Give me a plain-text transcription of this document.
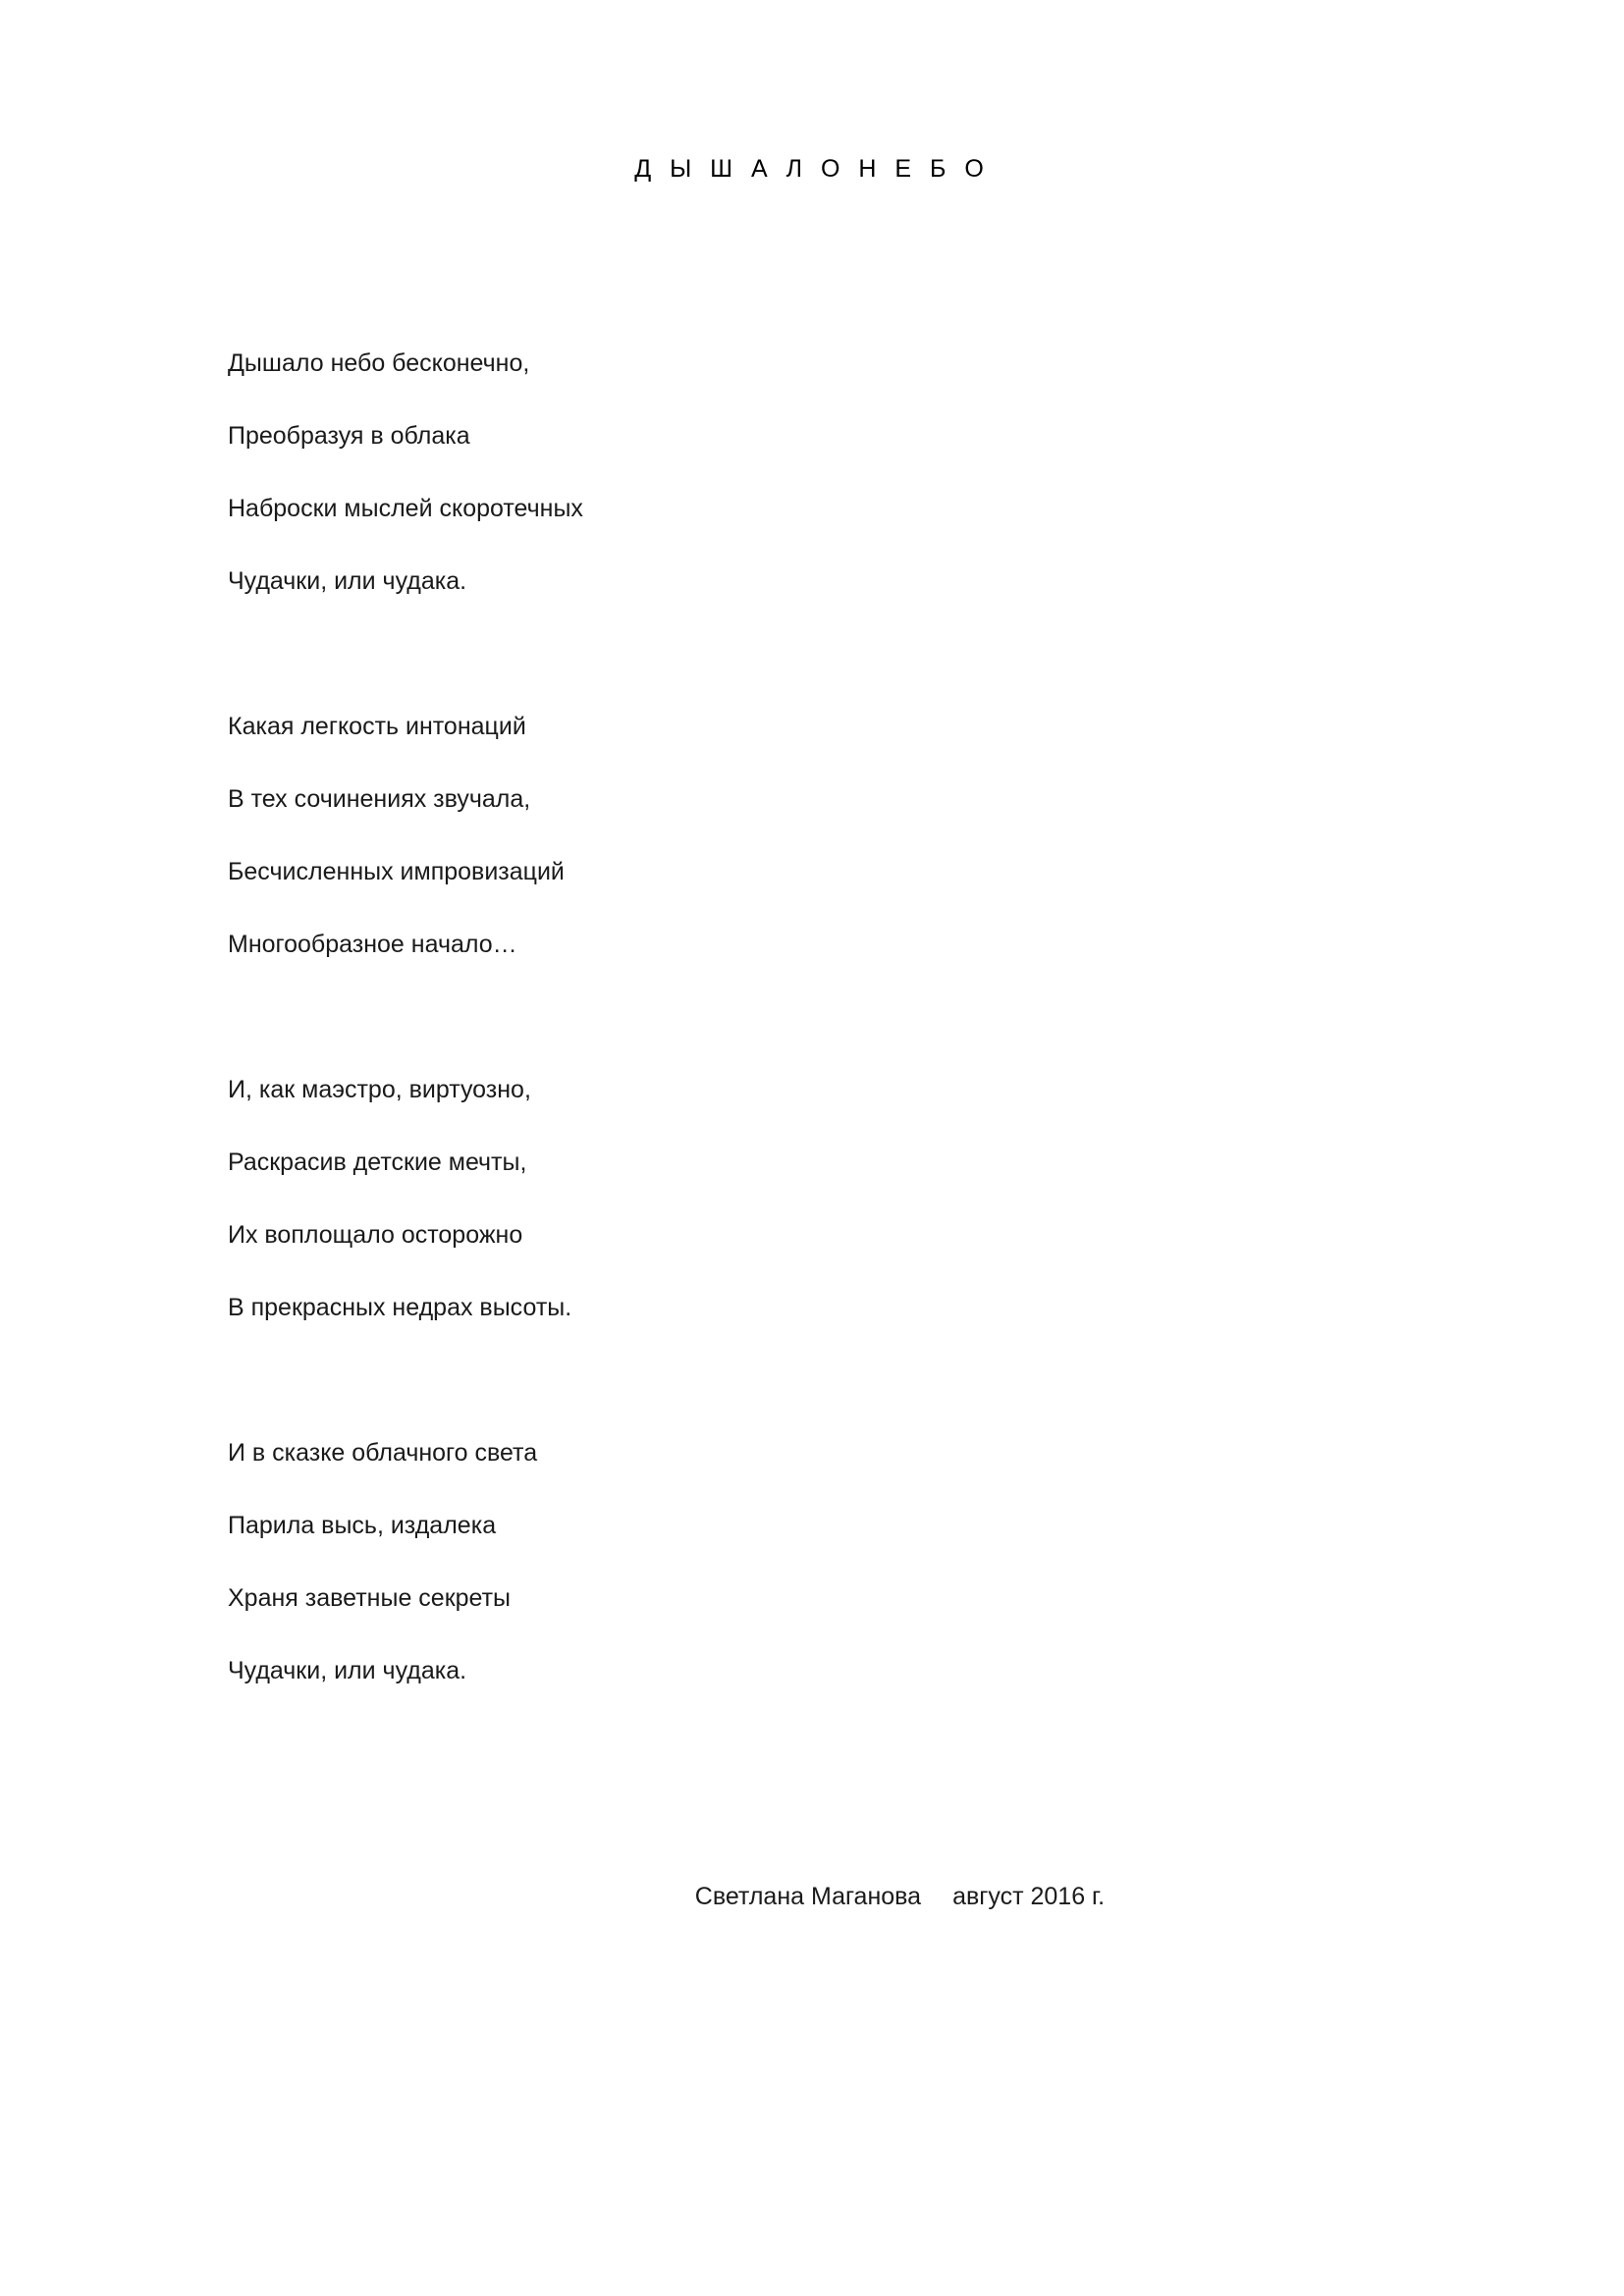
Д Ы Ш А Л О Н Е Б О
Дышало небо бесконечно,
Преобразуя в облака
Наброски мыслей скоротечных
Чудачки, или чудака.
Какая легкость интонаций
В тех сочинениях звучала,
Бесчисленных импровизаций
Многообразное начало…
И, как маэстро, виртуозно,
Раскрасив детские мечты,
Их воплощало осторожно
В прекрасных недрах высоты.
И в сказке облачного света
Парила высь, издалека
Храня заветные секреты
Чудачки, или чудака.

Светлана Маганова август 2016 г.
